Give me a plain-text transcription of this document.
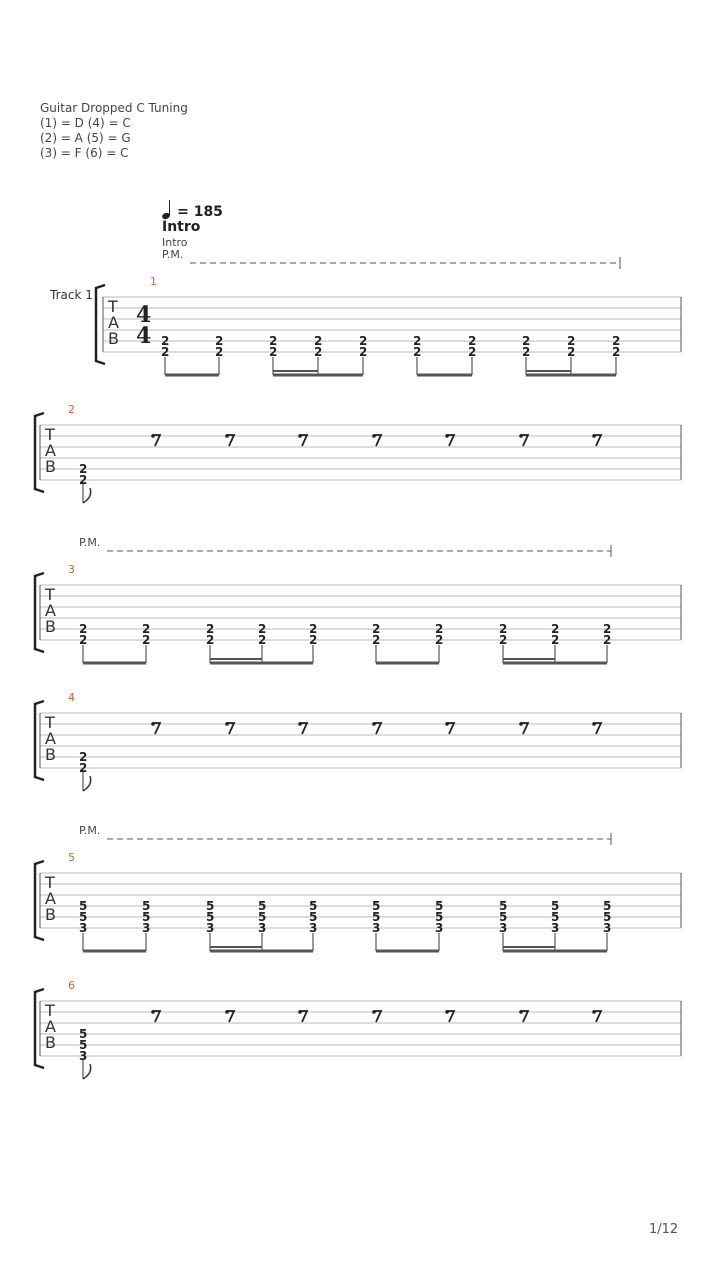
Guitar Dropped C Tuning
(1) = D (4) = C
(2) = A (5) = G
(3) = F (6) = C
= 185
Intro
Intro
P.M.
Track 1
1
2
P.M.
3
4
P.M.
5
6
1/12
T
A
B
4
4 2
2
2
2
2
2
2
2
2
2
2
2
2
2
2
2
2
2
2
2
T
A
B 2
2
T
A
B 2
2
2
2
2
2
2
2
2
2
2
2
2
2
2
2
2
2
2
2
T
A
B 2
2
T
A
B 5
5
3
5
5
3
5
5
3
5
5
3
5
5
3
5
5
3
5
5
3
5
5
3
5
5
3
5
5
3
T
A
B 5
5
3
